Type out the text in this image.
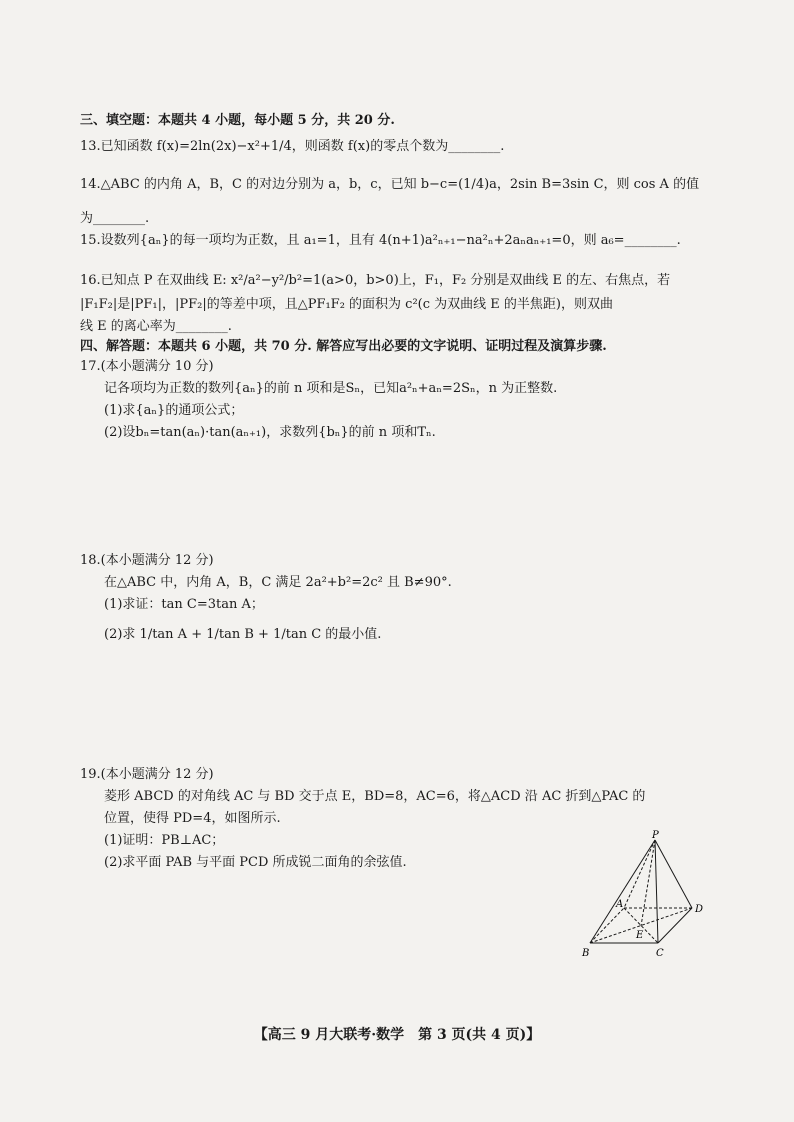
三、填空题：本题共 4 小题，每小题 5 分，共 20 分.
13.已知函数 f(x)=2ln(2x)−x²+1/4，则函数 f(x)的零点个数为________.
14.△ABC 的内角 A，B，C 的对边分别为 a，b，c，已知 b−c=(1/4)a，2sin B=3sin C，则 cos A 的值
为________.
15.设数列{aₙ}的每一项均为正数，且 a₁=1，且有 4(n+1)a²ₙ₊₁−na²ₙ+2aₙaₙ₊₁=0，则 a₆=________.
16.已知点 P 在双曲线 E: x²/a²−y²/b²=1(a>0，b>0)上，F₁，F₂ 分别是双曲线 E 的左、右焦点，若
|F₁F₂|是|PF₁|，|PF₂|的等差中项，且△PF₁F₂ 的面积为 c²(c 为双曲线 E 的半焦距)，则双曲
线 E 的离心率为________.
四、解答题：本题共 6 小题，共 70 分. 解答应写出必要的文字说明、证明过程及演算步骤.
17.(本小题满分 10 分)
记各项均为正数的数列{aₙ}的前 n 项和是Sₙ，已知a²ₙ+aₙ=2Sₙ，n 为正整数.
(1)求{aₙ}的通项公式；
(2)设bₙ=tan(aₙ)·tan(aₙ₊₁)，求数列{bₙ}的前 n 项和Tₙ.
18.(本小题满分 12 分)
在△ABC 中，内角 A，B，C 满足 2a²+b²=2c² 且 B≠90°.
(1)求证：tan C=3tan A；
(2)求 1/tan A + 1/tan B + 1/tan C 的最小值.
19.(本小题满分 12 分)
菱形 ABCD 的对角线 AC 与 BD 交于点 E，BD=8，AC=6，将△ACD 沿 AC 折到△PAC 的
位置，使得 PD=4，如图所示.
(1)证明：PB⊥AC；
(2)求平面 PAB 与平面 PCD 所成锐二面角的余弦值.
P
A
B	C
D
E
【高三 9 月大联考·数学　第 3 页(共 4 页)】
